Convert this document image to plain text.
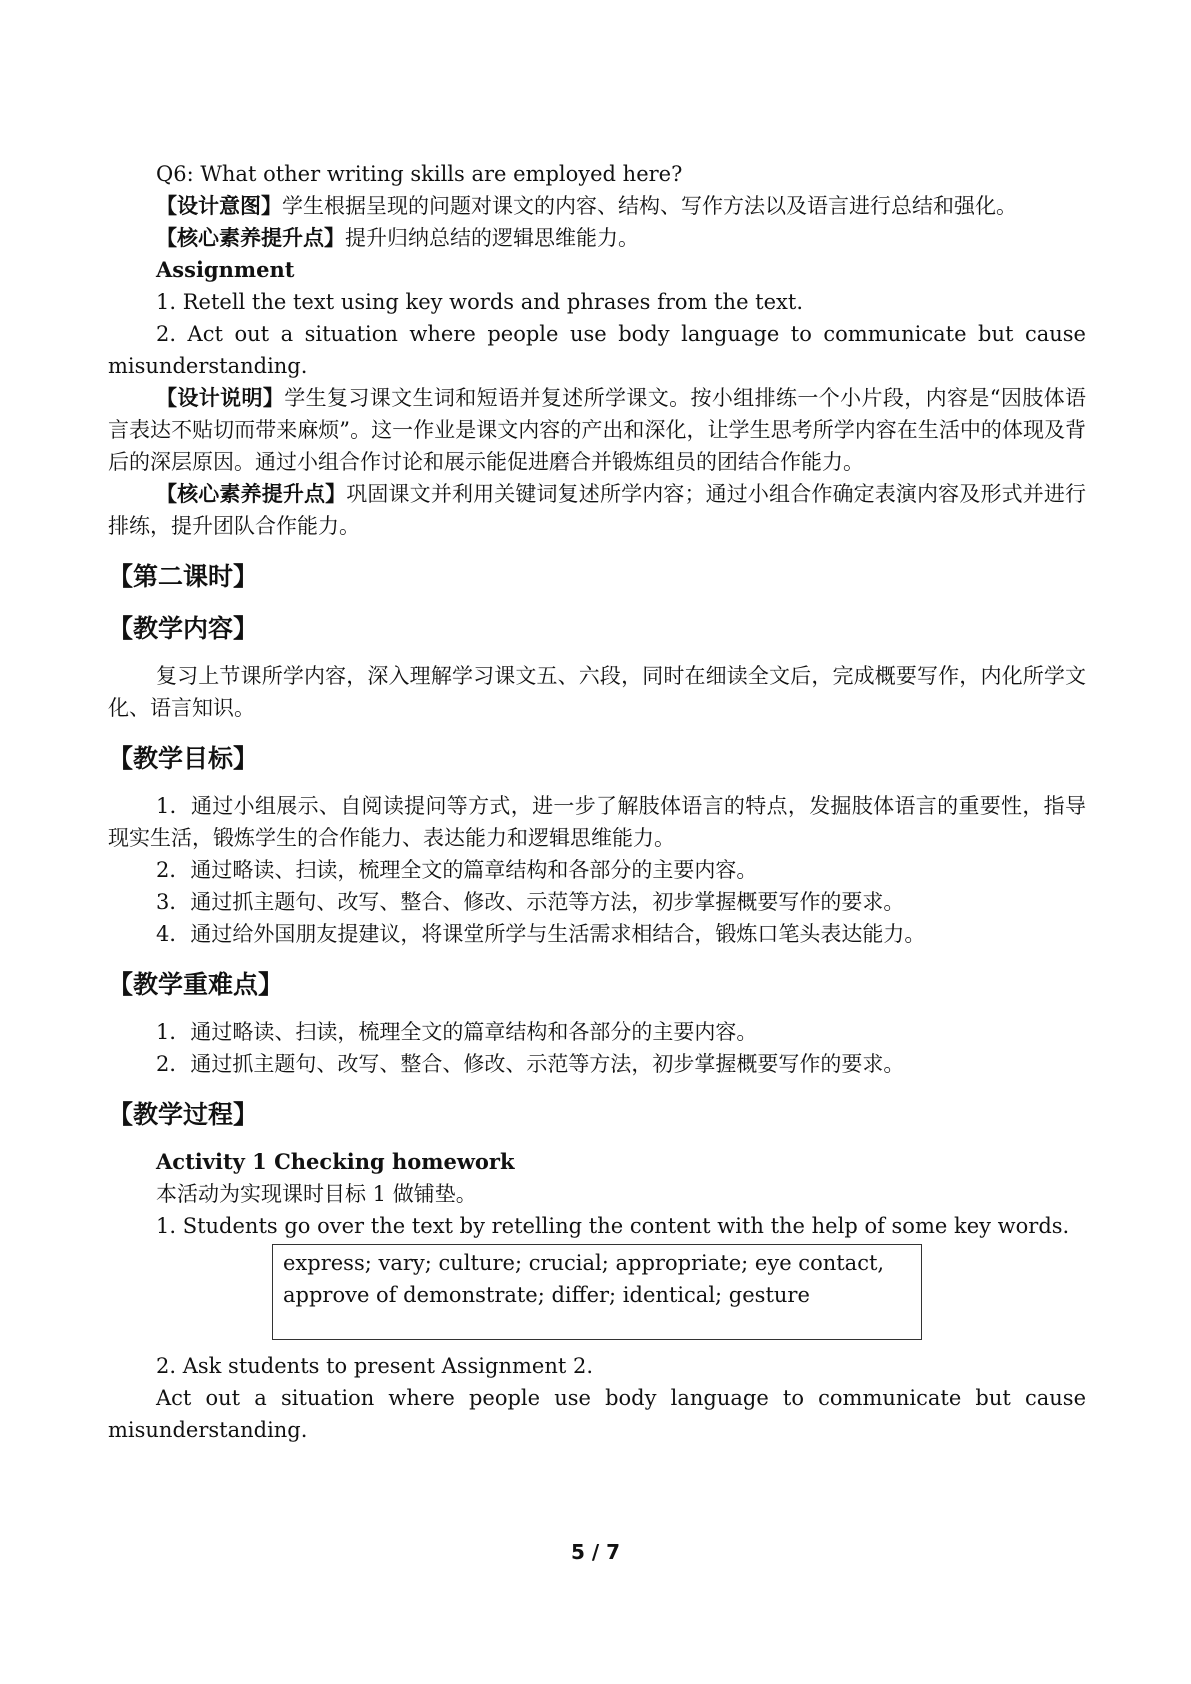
Q6: What other writing skills are employed here?

【设计意图】学生根据呈现的问题对课文的内容、结构、写作方法以及语言进行总结和强化。

【核心素养提升点】提升归纳总结的逻辑思维能力。

Assignment

1. Retell the text using key words and phrases from the text.

2. Act out a situation where people use body language to communicate but cause misunderstanding.

【设计说明】学生复习课文生词和短语并复述所学课文。按小组排练一个小片段，内容是“因肢体语言表达不贴切而带来麻烦”。这一作业是课文内容的产出和深化，让学生思考所学内容在生活中的体现及背后的深层原因。通过小组合作讨论和展示能促进磨合并锻炼组员的团结合作能力。

【核心素养提升点】巩固课文并利用关键词复述所学内容；通过小组合作确定表演内容及形式并进行排练，提升团队合作能力。

【第二课时】
【教学内容】

复习上节课所学内容，深入理解学习课文五、六段，同时在细读全文后，完成概要写作，内化所学文化、语言知识。

【教学目标】

1．通过小组展示、自阅读提问等方式，进一步了解肢体语言的特点，发掘肢体语言的重要性，指导现实生活，锻炼学生的合作能力、表达能力和逻辑思维能力。

2．通过略读、扫读，梳理全文的篇章结构和各部分的主要内容。

3．通过抓主题句、改写、整合、修改、示范等方法，初步掌握概要写作的要求。

4．通过给外国朋友提建议，将课堂所学与生活需求相结合，锻炼口笔头表达能力。

【教学重难点】

1．通过略读、扫读，梳理全文的篇章结构和各部分的主要内容。

2．通过抓主题句、改写、整合、修改、示范等方法，初步掌握概要写作的要求。

【教学过程】

Activity 1 Checking homework

本活动为实现课时目标 1 做铺垫。

1. Students go over the text by retelling the content with the help of some key words.

express; vary; culture; crucial; appropriate; eye contact, approve of demonstrate; differ; identical; gesture

2. Ask students to present Assignment 2.

Act out a situation where people use body language to communicate but cause misunderstanding.

5 / 7
